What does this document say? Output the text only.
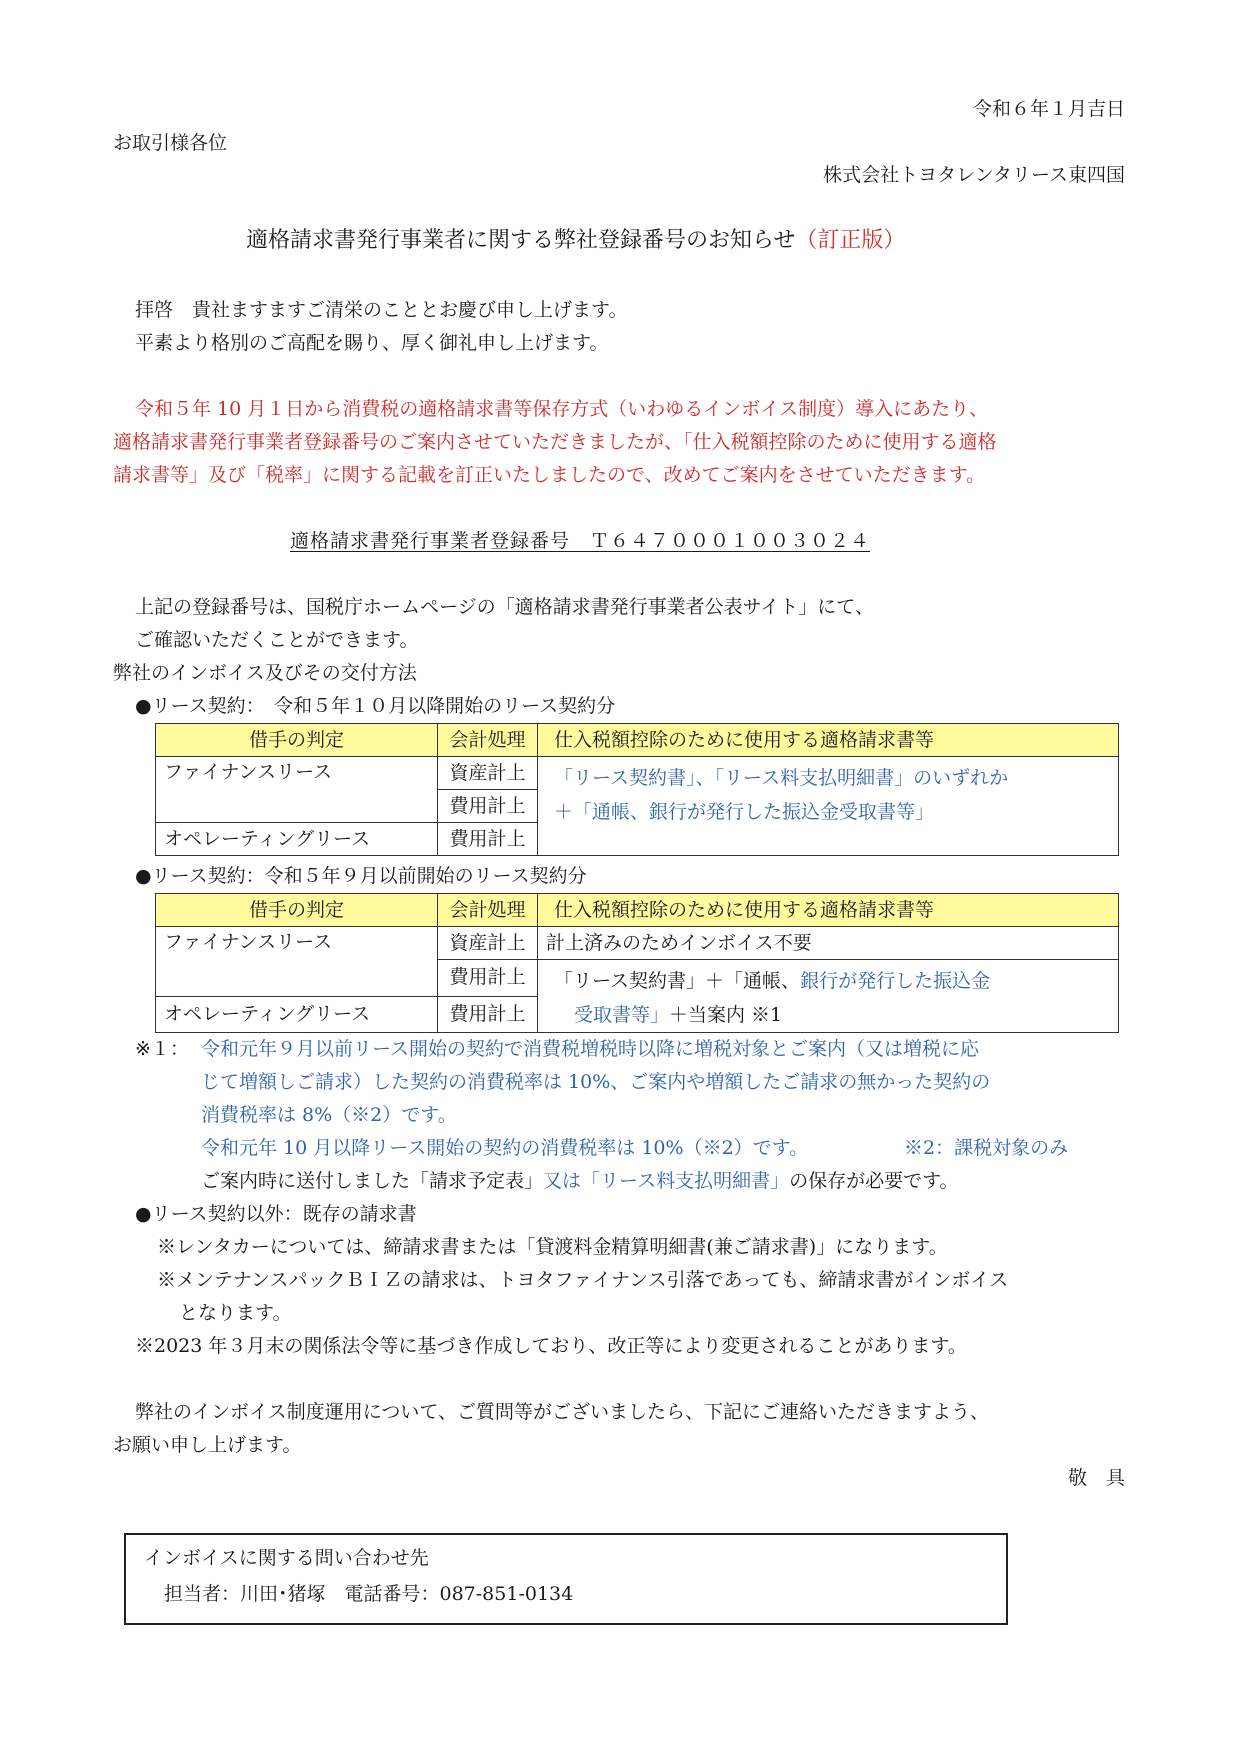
令和６年１月吉日
お取引様各位
株式会社トヨタレンタリース東四国
適格請求書発行事業者に関する弊社登録番号のお知らせ（訂正版）
拝啓　貴社ますますご清栄のこととお慶び申し上げます。
平素より格別のご高配を賜り、厚く御礼申し上げます。
令和５年 10 月１日から消費税の適格請求書等保存方式（いわゆるインボイス制度）導入にあたり、
適格請求書発行事業者登録番号のご案内させていただきましたが、「仕入税額控除のために使用する適格
請求書等」及び「税率」に関する記載を訂正いたしましたので、改めてご案内をさせていただきます。
適格請求書発行事業者登録番号　Ｔ６４７０００１００３０２４
上記の登録番号は、国税庁ホームページの「適格請求書発行事業者公表サイト」にて、
ご確認いただくことができます。
弊社のインボイス及びその交付方法
●リース契約：　令和５年１０月以降開始のリース契約分
借手の判定	会計処理	仕入税額控除のために使用する適格請求書等
ファイナンスリース	資産計上	「リース契約書」、「リース料支払明細書」のいずれか
＋「通帳、銀行が発行した振込金受取書等」

	費用計上	
オペレーティングリース	費用計上	
●リース契約：令和５年９月以前開始のリース契約分
借手の判定	会計処理	仕入税額控除のために使用する適格請求書等
ファイナンスリース	資産計上	計上済みのためインボイス不要
	費用計上	「リース契約書」＋「通帳、銀行が発行した振込金
受取書等」＋当案内 ※1

オペレーティングリース	費用計上	
※１： 令和元年９月以前リース開始の契約で消費税増税時以降に増税対象とご案内（又は増税に応
じて増額しご請求）した契約の消費税率は 10%、ご案内や増額したご請求の無かった契約の
消費税率は 8%（※2）です。
令和元年 10 月以降リース開始の契約の消費税率は 10%（※2）です。	※2：課税対象のみ
ご案内時に送付しました「請求予定表」又は「リース料支払明細書」の保存が必要です。
●リース契約以外：既存の請求書
※レンタカーについては、締請求書または「貸渡料金精算明細書(兼ご請求書)」になります。
※メンテナンスパックＢＩＺの請求は、トヨタファイナンス引落であっても、締請求書がインボイス
となります。
※2023 年３月末の関係法令等に基づき作成しており、改正等により変更されることがあります。
弊社のインボイス制度運用について、ご質問等がございましたら、下記にご連絡いただきますよう、
お願い申し上げます。
敬　具
インボイスに関する問い合わせ先
担当者：川田･猪塚　電話番号：087-851-0134
